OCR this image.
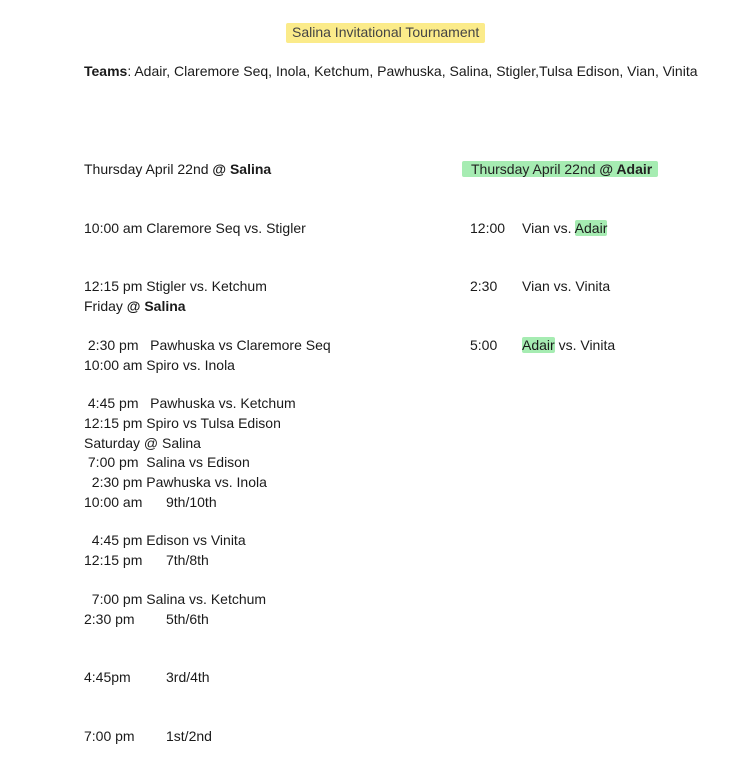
Salina Invitational Tournament
Teams: Adair, Claremore Seq, Inola, Ketchum, Pawhuska, Salina, Stigler,Tulsa Edison, Vian, Vinita

Thursday April 22nd @ Salina

10:00 am Claremore Seq vs. Stigler

12:15 pm Stigler vs. Ketchum

2:30 pm   Pawhuska vs Claremore Seq

4:45 pm   Pawhuska vs. Ketchum

7:00 pm  Salina vs Edison

Friday @ Salina

10:00 am Spiro vs. Inola

12:15 pm Spiro vs Tulsa Edison

2:30 pm Pawhuska vs. Inola

4:45 pm Edison vs Vinita

7:00 pm Salina vs. Ketchum

Saturday @ Salina

10:00 am 9th/10th

12:15 pm 7th/8th

2:30 pm 5th/6th

4:45pm	3rd/4th

7:00 pm 1st/2nd

Thursday April 22nd @ Adair

12:00 Vian vs. Adair

2:30 Vian vs. Vinita

5:00 Adair vs. Vinita
